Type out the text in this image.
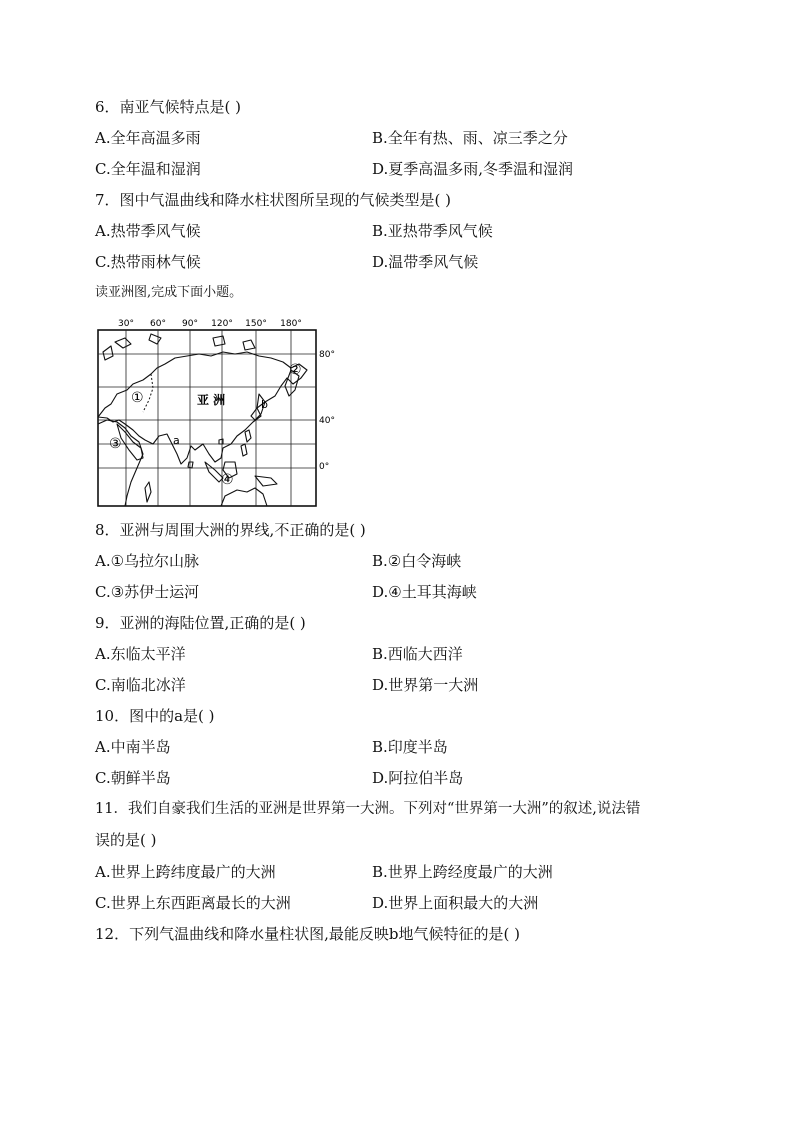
6．南亚气候特点是( )
A.全年高温多雨	B.全年有热、雨、凉三季之分
C.全年温和湿润	D.夏季高温多雨,冬季温和湿润
7．图中气温曲线和降水柱状图所呈现的气候类型是( )
A.热带季风气候	B.亚热带季风气候
C.热带雨林气候	D.温带季风气候
读亚洲图,完成下面小题。
30° 60° 90° 120° 150° 180°
80°
40°
0°
亚 洲
①
②
③
④
a
b
8．亚洲与周围大洲的界线,不正确的是( )
A.①乌拉尔山脉	B.②白令海峡
C.③苏伊士运河	D.④土耳其海峡
9．亚洲的海陆位置,正确的是( )
A.东临太平洋	B.西临大西洋
C.南临北冰洋	D.世界第一大洲
10．图中的a是( )
A.中南半岛	B.印度半岛
C.朝鲜半岛	D.阿拉伯半岛
11．我们自豪我们生活的亚洲是世界第一大洲。下列对“世界第一大洲”的叙述,说法错
误的是( )
A.世界上跨纬度最广的大洲	B.世界上跨经度最广的大洲
C.世界上东西距离最长的大洲	D.世界上面积最大的大洲
12．下列气温曲线和降水量柱状图,最能反映b地气候特征的是( )
